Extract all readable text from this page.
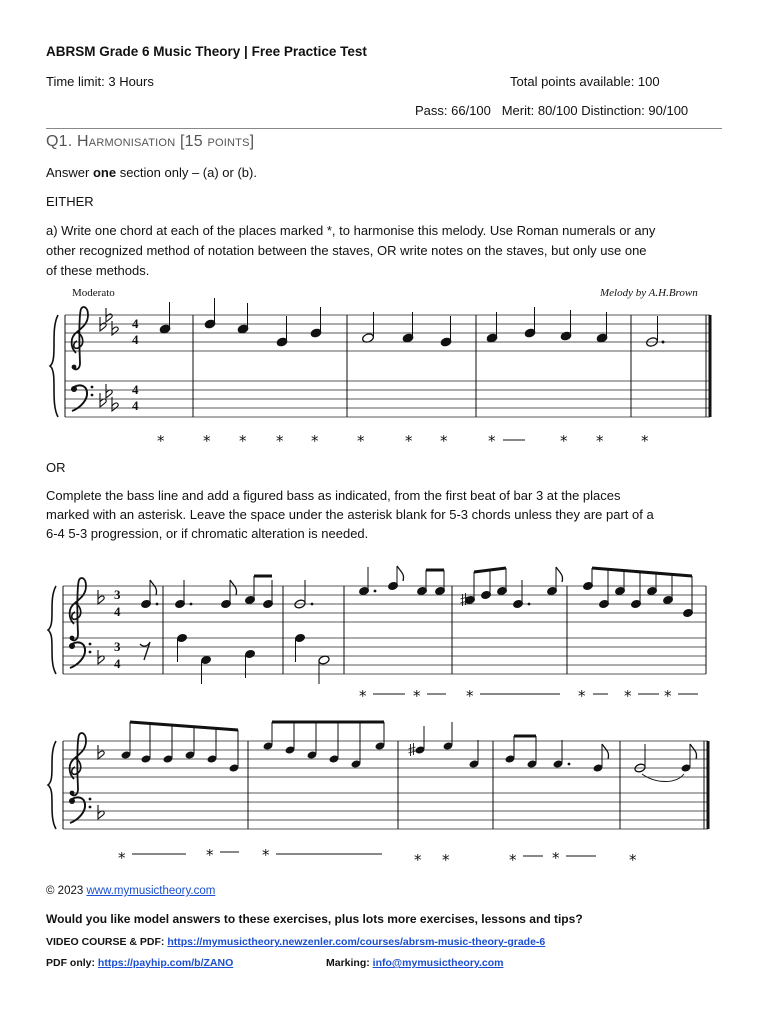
ABRSM Grade 6 Music Theory | Free Practice Test
Time limit: 3 Hours	Total points available: 100
Pass: 66/100   Merit: 80/100 Distinction: 90/100
Q1. Harmonisation [15 points]
Answer one section only – (a) or (b).
EITHER
a) Write one chord at each of the places marked *, to harmonise this melody. Use Roman numerals or any
other recognized method of notation between the staves, OR write notes on the staves, but only use one
of these methods.
OR
Complete the bass line and add a figured bass as indicated, from the first beat of bar 3 at the places
marked with an asterisk. Leave the space under the asterisk blank for 5-3 chords unless they are part of a
6-4 5-3 progression, or if chromatic alteration is needed.
Moderato	Melody by A.H.Brown
4
4
4
4
*	* * * *	*	* *	*	* *	*
3
4
3
4
*	*	*	*	* *
*	*	*	* *	* *	*
© 2023 www.mymusictheory.com
Would you like model answers to these exercises, plus lots more exercises, lessons and tips?
VIDEO COURSE & PDF: https://mymusictheory.newzenler.com/courses/abrsm-music-theory-grade-6
PDF only: https://payhip.com/b/ZANO	Marking: info@mymusictheory.com
